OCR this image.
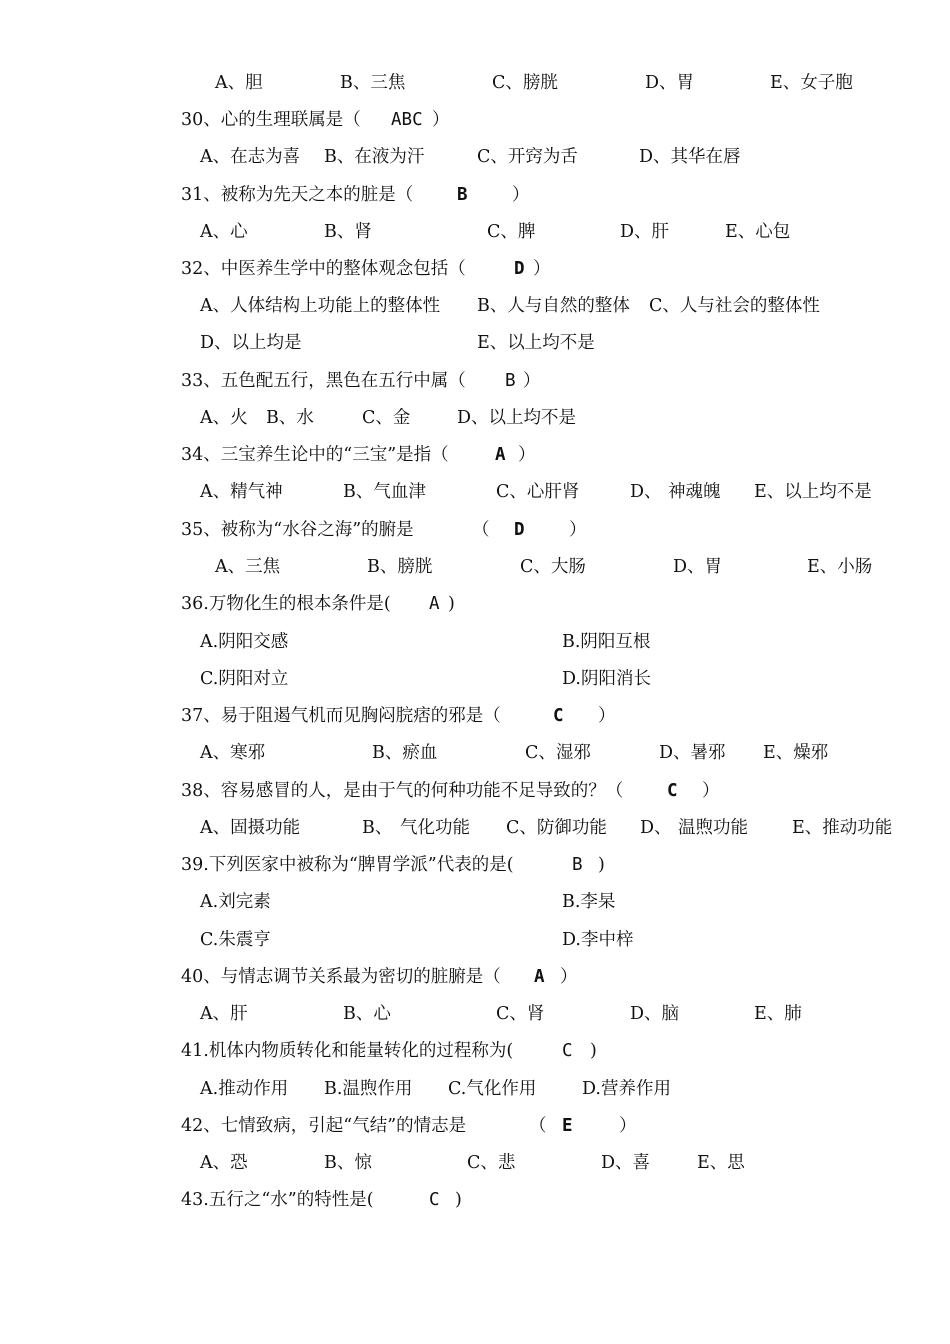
A、胆	B、三焦	C、膀胱	D、胃	E、女子胞
30、心的生理联属是（ ABC ）
A、在志为喜 B、在液为汗	C、开窍为舌	D、其华在唇
31、被称为先天之本的脏是（ B	）
A、心	B、肾	C、脾	D、肝	E、心包
32、中医养生学中的整体观念包括（	D ）
A、人体结构上功能上的整体性 B、人与自然的整体 C、人与社会的整体性
D、以上均是	E、以上均不是
33、五色配五行，黑色在五行中属（ B ）
A、火 B、水	C、金	D、以上均不是
34、三宝养生论中的“三宝”是指（	A ）
A、精气神	B、气血津	C、心肝肾	D、 神魂魄 E、以上均不是
35、被称为“水谷之海”的腑是	（ D	）
A、三焦	B、膀胱	C、大肠	D、胃	E、小肠
36.万物化生的根本条件是( A )
A.阴阳交感	B.阴阳互根
C.阴阳对立	D.阴阳消长
37、易于阻遏气机而见胸闷脘痞的邪是（	C ）
A、寒邪	B、瘀血	C、湿邪	D、暑邪 E、燥邪
38、容易感冒的人，是由于气的何种功能不足导致的？（ C ）
A、固摄功能	B、 气化功能 C、防御功能 D、 温煦功能	E、推动功能
39.下列医家中被称为“脾胃学派”代表的是(	B )
A.刘完素	B.李杲
C.朱震亨	D.李中梓
40、与情志调节关系最为密切的脏腑是（ A ）
A、肝	B、心	C、肾	D、脑	E、肺
41.机体内物质转化和能量转化的过程称为(	C )
A.推动作用 B.温煦作用 C.气化作用	D.营养作用
42、七情致病，引起“气结”的情志是	（ E	）
A、恐	B、惊	C、悲	D、喜	E、思
43.五行之“水”的特性是(	C )
